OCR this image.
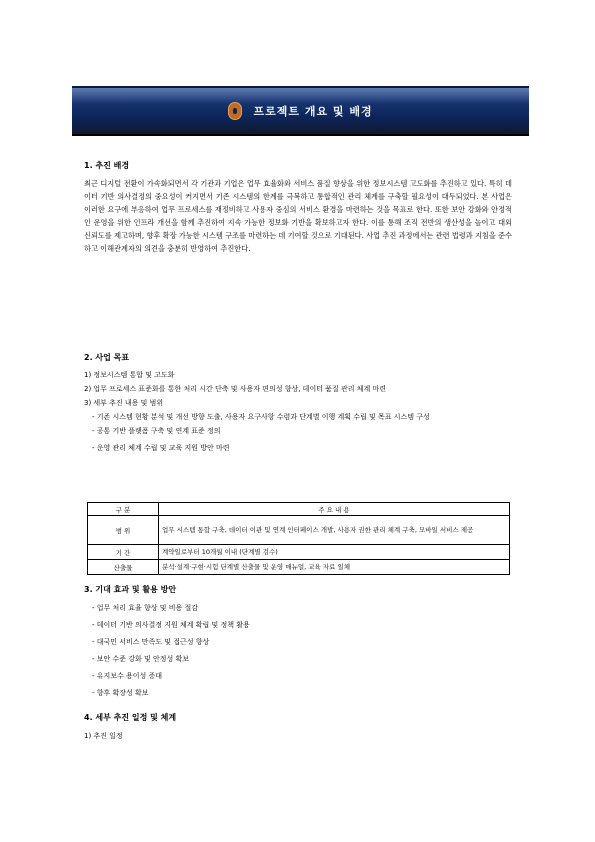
프로젝트 개요 및 배경
1. 추진 배경

최근 디지털 전환이 가속화되면서 각 기관과 기업은 업무 효율화와 서비스 품질 향상을 위한 정보시스템 고도화를 추진하고 있다. 특히 데이터 기반 의사결정의 중요성이 커지면서 기존 시스템의 한계를 극복하고 통합적인 관리 체계를 구축할 필요성이 대두되었다. 본 사업은 이러한 요구에 부응하여 업무 프로세스를 재정비하고 사용자 중심의 서비스 환경을 마련하는 것을 목표로 한다. 또한 보안 강화와 안정적인 운영을 위한 인프라 개선을 함께 추진하여 지속 가능한 정보화 기반을 확보하고자 한다. 이를 통해 조직 전반의 생산성을 높이고 대외 신뢰도를 제고하며, 향후 확장 가능한 시스템 구조를 마련하는 데 기여할 것으로 기대된다. 사업 추진 과정에서는 관련 법령과 지침을 준수하고 이해관계자의 의견을 충분히 반영하여 추진한다.

2. 사업 목표
1) 정보시스템 통합 및 고도화
2) 업무 프로세스 표준화를 통한 처리 시간 단축 및 사용자 편의성 향상, 데이터 품질 관리 체계 마련
3) 세부 추진 내용 및 범위
- 기존 시스템 현황 분석 및 개선 방향 도출, 사용자 요구사항 수렴과 단계별 이행 계획 수립 및 목표 시스템 구성
- 공통 기반 플랫폼 구축 및 연계 표준 정의
- 운영 관리 체계 수립 및 교육 지원 방안 마련
구 분	주 요 내 용
범 위	업무 시스템 통합 구축, 데이터 이관 및 연계 인터페이스 개발, 사용자 권한 관리 체계 구축, 모바일 서비스 제공
기 간	계약일로부터 10개월 이내 (단계별 검수)
산출물	분석·설계·구현·시험 단계별 산출물 및 운영 매뉴얼, 교육 자료 일체
3. 기대 효과 및 활용 방안
- 업무 처리 효율 향상 및 비용 절감
- 데이터 기반 의사결정 지원 체계 확립 및 정책 활용
- 대국민 서비스 만족도 및 접근성 향상
- 보안 수준 강화 및 안정성 확보
- 유지보수 용이성 증대
- 향후 확장성 확보
4. 세부 추진 일정 및 체계
1) 추진 일정
